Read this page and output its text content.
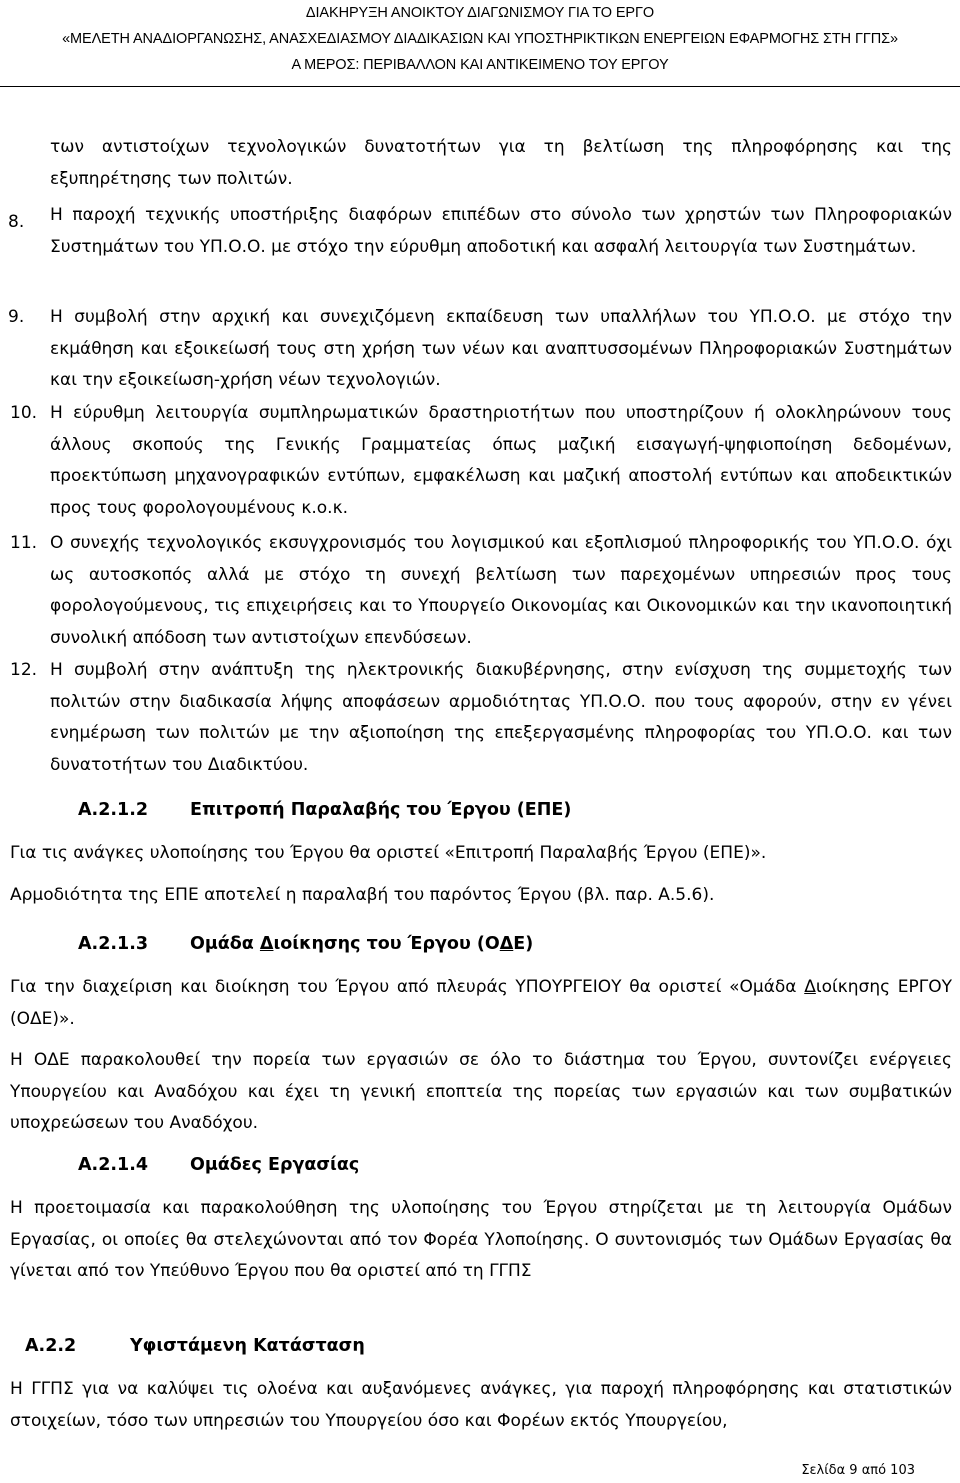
ΔΙΑΚΗΡΥΞΗ ΑΝΟΙΚΤΟΥ ΔΙΑΓΩΝΙΣΜΟΥ ΓΙΑ ΤΟ ΕΡΓΟ
«ΜΕΛΕΤΗ ΑΝΑΔΙΟΡΓΑΝΩΣΗΣ, ΑΝΑΣΧΕΔΙΑΣΜΟΥ ΔΙΑΔΙΚΑΣΙΩΝ ΚΑΙ ΥΠΟΣΤΗΡΙΚΤΙΚΩΝ ΕΝΕΡΓΕΙΩΝ ΕΦΑΡΜΟΓΗΣ ΣΤΗ ΓΓΠΣ»
Α ΜΕΡΟΣ: ΠΕΡΙΒΑΛΛΟΝ ΚΑΙ ΑΝΤΙΚΕΙΜΕΝΟ ΤΟΥ ΕΡΓΟΥ
των αντιστοίχων τεχνολογικών δυνατοτήτων για τη βελτίωση της πληροφόρησης και της εξυπηρέτησης των πολιτών.
8. Η παροχή τεχνικής υποστήριξης διαφόρων επιπέδων στο σύνολο των χρηστών των Πληροφοριακών Συστημάτων του ΥΠ.Ο.Ο. με στόχο την εύρυθμη αποδοτική και ασφαλή λειτουργία των Συστημάτων.
9. Η συμβολή στην αρχική και συνεχιζόμενη εκπαίδευση των υπαλλήλων του ΥΠ.Ο.Ο. με στόχο την εκμάθηση και εξοικείωσή τους στη χρήση των νέων και αναπτυσσομένων Πληροφοριακών Συστημάτων και την εξοικείωση-χρήση νέων τεχνολογιών.
10. Η εύρυθμη λειτουργία συμπληρωματικών δραστηριοτήτων που υποστηρίζουν ή ολοκληρώνουν τους άλλους σκοπούς της Γενικής Γραμματείας όπως μαζική εισαγωγή-ψηφιοποίηση δεδομένων, προεκτύπωση μηχανογραφικών εντύπων, εμφακέλωση και μαζική αποστολή εντύπων και αποδεικτικών προς τους φορολογουμένους κ.ο.κ.
11. Ο συνεχής τεχνολογικός εκσυγχρονισμός του λογισμικού και εξοπλισμού πληροφορικής του ΥΠ.Ο.Ο. όχι ως αυτοσκοπός αλλά με στόχο τη συνεχή βελτίωση των παρεχομένων υπηρεσιών προς τους φορολογούμενους, τις επιχειρήσεις και το Υπουργείο Οικονομίας και Οικονομικών και την ικανοποιητική συνολική απόδοση των αντιστοίχων επενδύσεων.
12. Η συμβολή στην ανάπτυξη της ηλεκτρονικής διακυβέρνησης, στην ενίσχυση της συμμετοχής των πολιτών στην διαδικασία λήψης αποφάσεων αρμοδιότητας ΥΠ.Ο.Ο. που τους αφορούν, στην εν γένει ενημέρωση των πολιτών με την αξιοποίηση της επεξεργασμένης πληροφορίας του ΥΠ.Ο.Ο. και των δυνατοτήτων του Διαδικτύου.
Α.2.1.2 Επιτροπή Παραλαβής του Έργου (ΕΠΕ)
Για τις ανάγκες υλοποίησης του Έργου θα οριστεί «Επιτροπή Παραλαβής Έργου (ΕΠΕ)».
Αρμοδιότητα της ΕΠΕ αποτελεί η παραλαβή του παρόντος Έργου (βλ. παρ. Α.5.6).
Α.2.1.3 Ομάδα Διοίκησης του Έργου (ΟΔΕ)
Για την διαχείριση και διοίκηση του Έργου από πλευράς ΥΠΟΥΡΓΕΙΟΥ θα οριστεί «Ομάδα Διοίκησης ΕΡΓΟΥ (ΟΔΕ)».
Η ΟΔΕ παρακολουθεί την πορεία των εργασιών σε όλο το διάστημα του Έργου, συντονίζει ενέργειες Υπουργείου και Αναδόχου και έχει τη γενική εποπτεία της πορείας των εργασιών και των συμβατικών υποχρεώσεων του Αναδόχου.
Α.2.1.4 Ομάδες Εργασίας
Η προετοιμασία και παρακολούθηση της υλοποίησης του Έργου στηρίζεται με τη λειτουργία Ομάδων Εργασίας, οι οποίες θα στελεχώνονται από τον Φορέα Υλοποίησης. Ο συντονισμός των Ομάδων Εργασίας θα γίνεται από τον Υπεύθυνο Έργου που θα οριστεί από τη ΓΓΠΣ
Α.2.2	Υφιστάμενη Κατάσταση
Η ΓΓΠΣ για να καλύψει τις ολοένα και αυξανόμενες ανάγκες, για παροχή πληροφόρησης και στατιστικών στοιχείων, τόσο των υπηρεσιών του Υπουργείου όσο και Φορέων εκτός Υπουργείου,
Σελίδα 9 από 103
